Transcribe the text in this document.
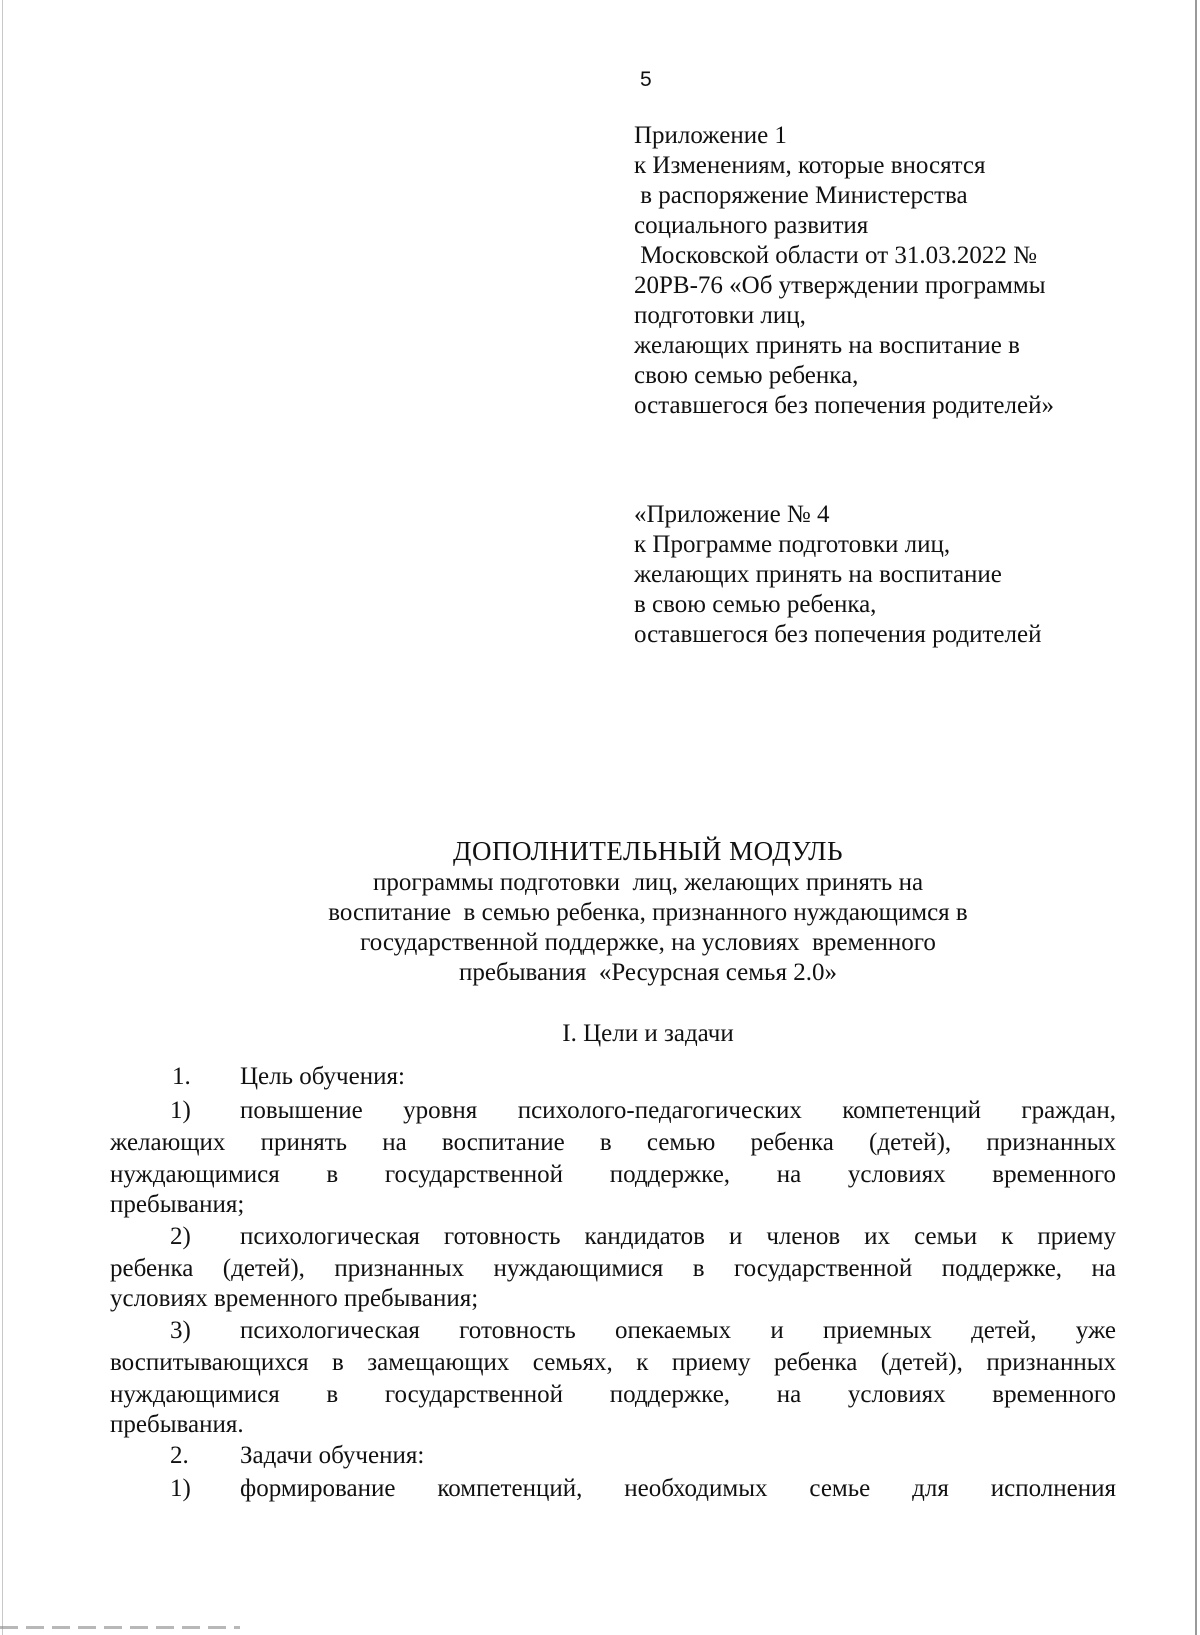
5
Приложение 1
к Изменениям, которые вносятся
в распоряжение Министерства
социального развития
Московской области от 31.03.2022 №
20РВ-76 «Об утверждении программы
подготовки лиц,
желающих принять на воспитание в
свою семью ребенка,
оставшегося без попечения родителей»
«Приложение № 4
к Программе подготовки лиц,
желающих принять на воспитание
в свою семью ребенка,
оставшегося без попечения родителей
ДОПОЛНИТЕЛЬНЫЙ МОДУЛЬ
программы подготовки  лиц, желающих принять на
воспитание  в семью ребенка, признанного нуждающимся в
государственной поддержке, на условиях  временного
пребывания  «Ресурсная семья 2.0»
I. Цели и задачи
1. Цель обучения:
1) повышение уровня психолого-педагогических компетенций граждан,
желающих принять на воспитание в семью ребенка (детей), признанных
нуждающимися в государственной поддержке, на условиях временного
пребывания;
2) психологическая готовность кандидатов и членов их семьи к приему
ребенка (детей), признанных нуждающимися в государственной поддержке, на
условиях временного пребывания;
3) психологическая готовность опекаемых и приемных детей, уже
воспитывающихся в замещающих семьях, к приему ребенка (детей), признанных
нуждающимися в государственной поддержке, на условиях временного
пребывания.
2. Задачи обучения:
1) формирование компетенций, необходимых семье для исполнения
